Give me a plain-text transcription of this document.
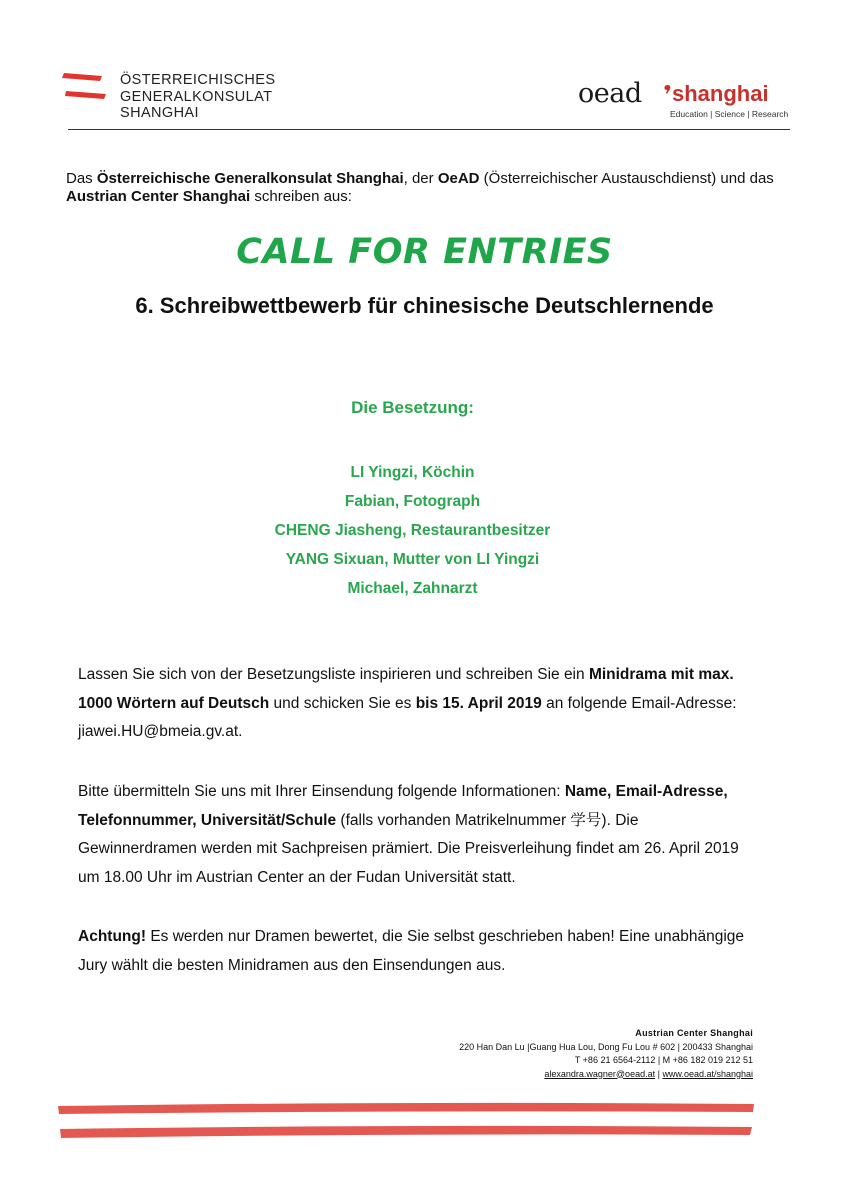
ÖSTERREICHISCHES
GENERALKONSULAT
SHANGHAI
oead shanghai
Education | Science | Research
Das Österreichische Generalkonsulat Shanghai, der OeAD (Österreichischer Austauschdienst) und das Austrian Center Shanghai schreiben aus:
CALL FOR ENTRIES
6. Schreibwettbewerb für chinesische Deutschlernende
Die Besetzung:
LI Yingzi, Köchin
Fabian, Fotograph
CHENG Jiasheng, Restaurantbesitzer
YANG Sixuan, Mutter von LI Yingzi
Michael, Zahnarzt
Lassen Sie sich von der Besetzungsliste inspirieren und schreiben Sie ein Minidrama mit max. 1000 Wörtern auf Deutsch und schicken Sie es bis 15. April 2019 an folgende Email-Adresse: jiawei.HU@bmeia.gv.at.
Bitte übermitteln Sie uns mit Ihrer Einsendung folgende Informationen: Name, Email-Adresse, Telefonnummer, Universität/Schule (falls vorhanden Matrikelnummer 学号). Die Gewinnerdramen werden mit Sachpreisen prämiert. Die Preisverleihung findet am 26. April 2019 um 18.00 Uhr im Austrian Center an der Fudan Universität statt.
Achtung! Es werden nur Dramen bewertet, die Sie selbst geschrieben haben! Eine unabhängige Jury wählt die besten Minidramen aus den Einsendungen aus.
Austrian Center Shanghai
220 Han Dan Lu |Guang Hua Lou, Dong Fu Lou # 602 | 200433 Shanghai
T +86 21 6564-2112 | M +86 182 019 212 51
alexandra.wagner@oead.at | www.oead.at/shanghai
